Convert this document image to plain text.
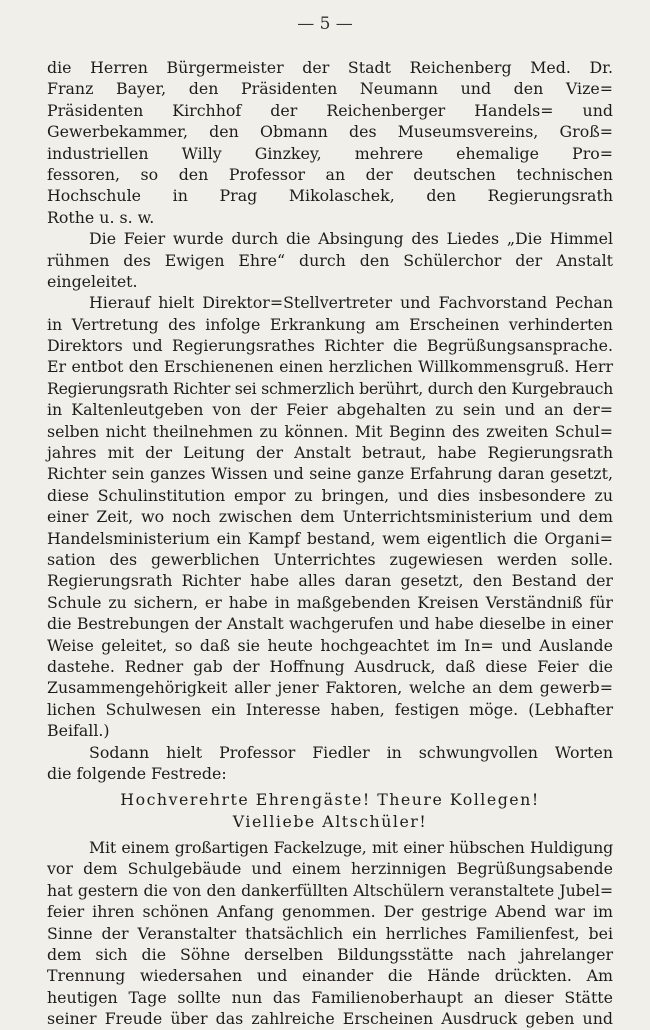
— 5 —
die Herren Bürgermeister der Stadt Reichenberg Med. Dr.
Franz Bayer, den Präsidenten Neumann und den Vize=
Präsidenten Kirchhof der Reichenberger Handels= und
Gewerbekammer, den Obmann des Museumsvereins, Groß=
industriellen Willy Ginzkey, mehrere ehemalige Pro=
fessoren, so den Professor an der deutschen technischen
Hochschule in Prag Mikolaschek, den Regierungsrath
Rothe u. s. w.
Die Feier wurde durch die Absingung des Liedes „Die Himmel
rühmen des Ewigen Ehre“ durch den Schülerchor der Anstalt
eingeleitet.
Hierauf hielt Direktor=Stellvertreter und Fachvorstand Pechan
in Vertretung des infolge Erkrankung am Erscheinen verhinderten
Direktors und Regierungsrathes Richter die Begrüßungsansprache.
Er entbot den Erschienenen einen herzlichen Willkommensgruß. Herr
Regierungsrath Richter sei schmerzlich berührt, durch den Kurgebrauch
in Kaltenleutgeben von der Feier abgehalten zu sein und an der=
selben nicht theilnehmen zu können. Mit Beginn des zweiten Schul=
jahres mit der Leitung der Anstalt betraut, habe Regierungsrath
Richter sein ganzes Wissen und seine ganze Erfahrung daran gesetzt,
diese Schulinstitution empor zu bringen, und dies insbesondere zu
einer Zeit, wo noch zwischen dem Unterrichtsministerium und dem
Handelsministerium ein Kampf bestand, wem eigentlich die Organi=
sation des gewerblichen Unterrichtes zugewiesen werden solle.
Regierungsrath Richter habe alles daran gesetzt, den Bestand der
Schule zu sichern, er habe in maßgebenden Kreisen Verständniß für
die Bestrebungen der Anstalt wachgerufen und habe dieselbe in einer
Weise geleitet, so daß sie heute hochgeachtet im In= und Auslande
dastehe. Redner gab der Hoffnung Ausdruck, daß diese Feier die
Zusammengehörigkeit aller jener Faktoren, welche an dem gewerb=
lichen Schulwesen ein Interesse haben, festigen möge. (Lebhafter
Beifall.)
Sodann hielt Professor Fiedler in schwungvollen Worten
die folgende Festrede:
Hochverehrte Ehrengäste! Theure Kollegen!
Vielliebe Altschüler!
Mit einem großartigen Fackelzuge, mit einer hübschen Huldigung
vor dem Schulgebäude und einem herzinnigen Begrüßungsabende
hat gestern die von den dankerfüllten Altschülern veranstaltete Jubel=
feier ihren schönen Anfang genommen. Der gestrige Abend war im
Sinne der Veranstalter thatsächlich ein herrliches Familienfest, bei
dem sich die Söhne derselben Bildungsstätte nach jahrelanger
Trennung wiedersahen und einander die Hände drückten. Am
heutigen Tage sollte nun das Familienoberhaupt an dieser Stätte
seiner Freude über das zahlreiche Erscheinen Ausdruck geben und
